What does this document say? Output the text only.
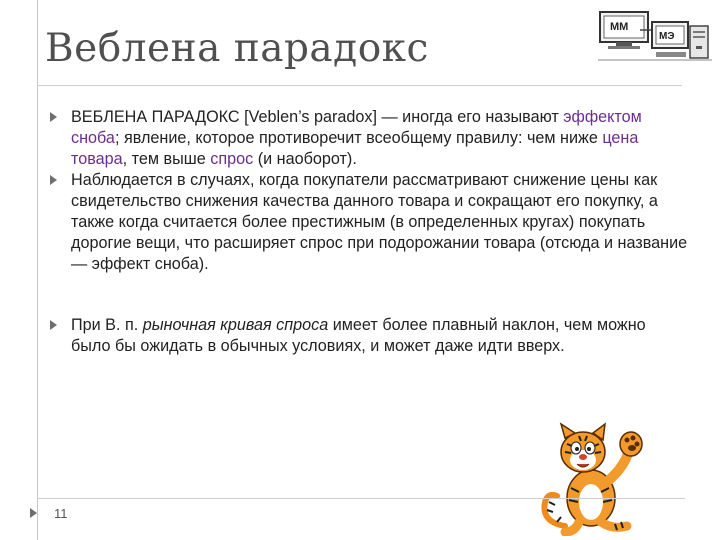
Веблена парадокс	MM
МЭ
ВЕБЛЕНА ПАРАДОКС [Veblen’s paradox] — иногда его называют эффектом сноба; явление, которое противоречит всеобщему правилу: чем ниже цена товара, тем выше спрос (и наоборот).
Наблюдается в случаях, когда покупатели рассматривают снижение цены как свидетельство снижения качества данного товара и сокращают его покупку, а также когда считается более престижным (в определенных кругах) покупать дорогие вещи, что расширяет спрос при подорожании товара (отсюда и название — эффект сноба).
При В. п. рыночная кривая спроса имеет более плавный наклон, чем можно было бы ожидать в обычных условиях, и может даже идти вверх.
11
